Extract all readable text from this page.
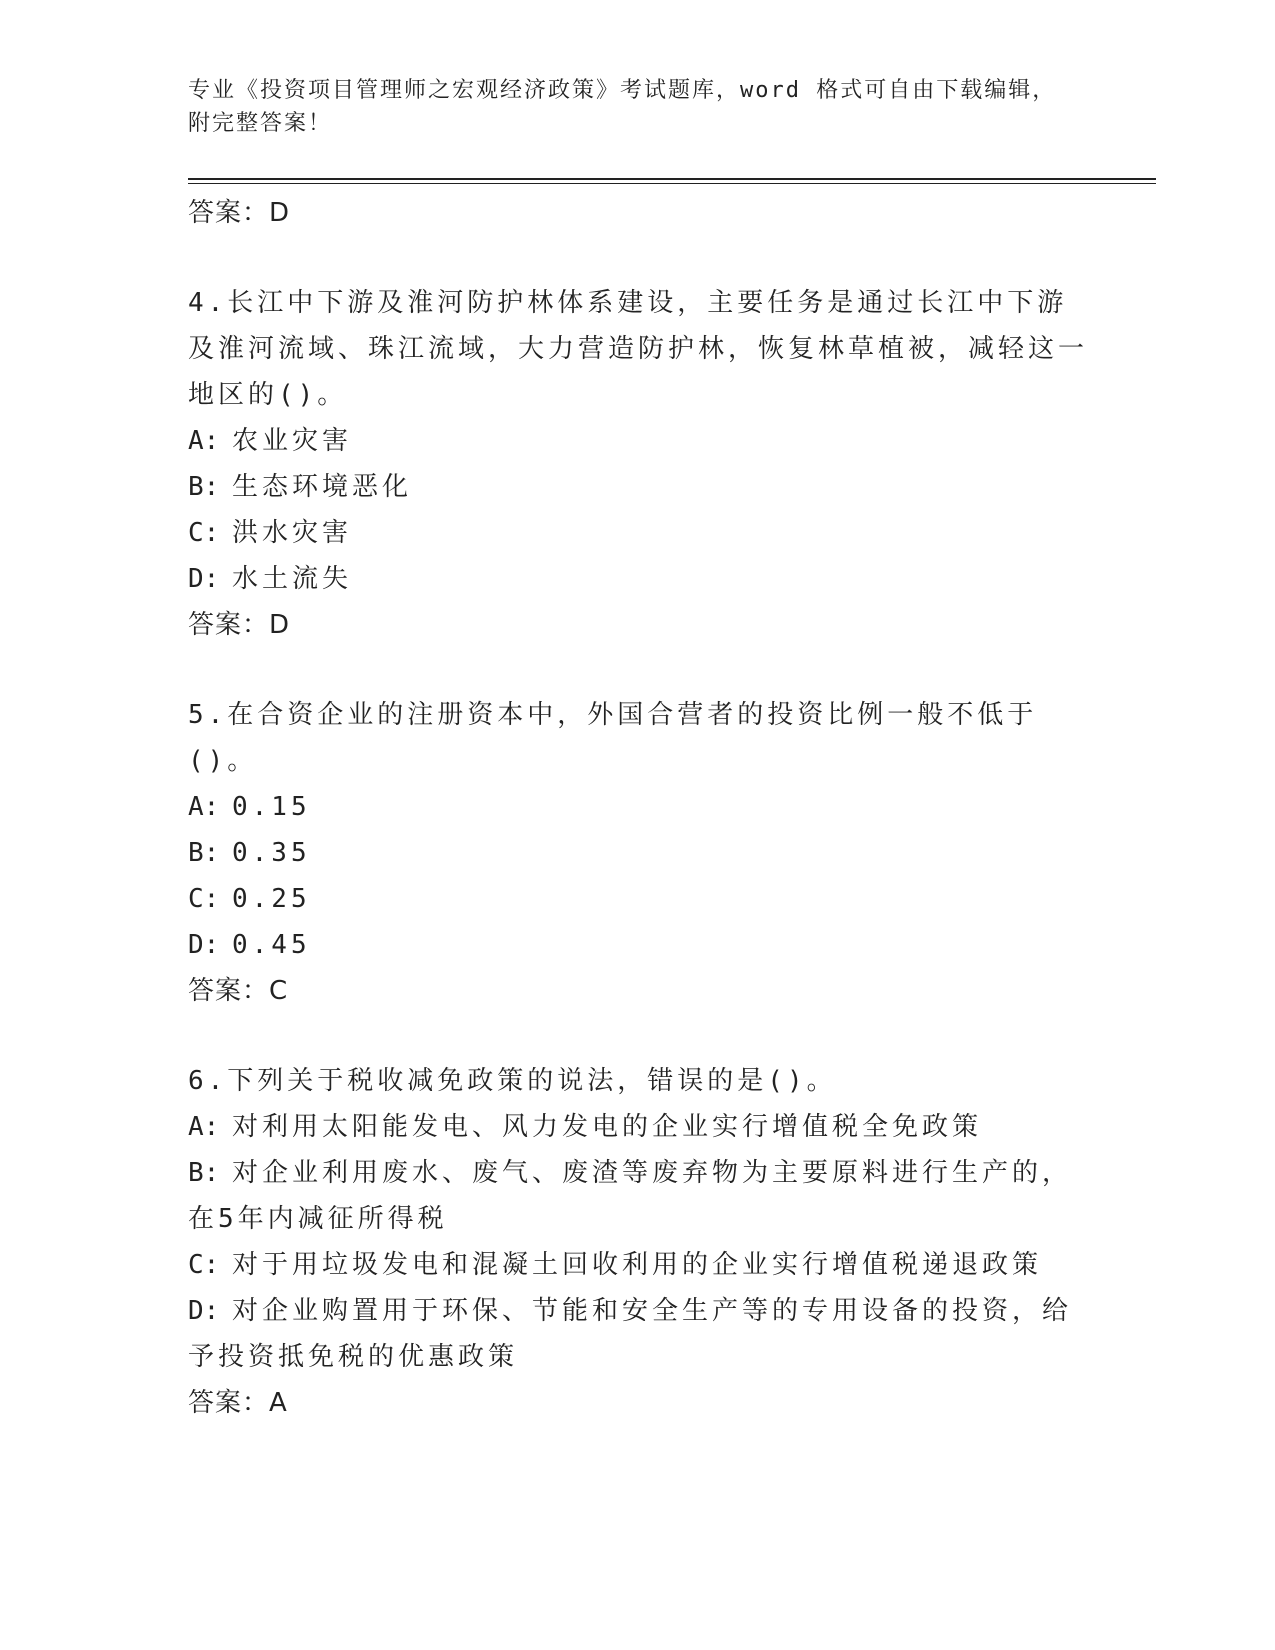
专业《投资项目管理师之宏观经济政策》考试题库，word 格式可自由下载编辑，
附完整答案！
答案：D
4.长江中下游及淮河防护林体系建设，主要任务是通过长江中下游及淮河流域、珠江流域，大力营造防护林，恢复林草植被，减轻这一地区的()。
A: 农业灾害
B: 生态环境恶化
C: 洪水灾害
D: 水土流失
答案：D
5.在合资企业的注册资本中，外国合营者的投资比例一般不低于()。
A: 0.15
B: 0.35
C: 0.25
D: 0.45
答案：C
6.下列关于税收减免政策的说法，错误的是()。
A: 对利用太阳能发电、风力发电的企业实行增值税全免政策
B: 对企业利用废水、废气、废渣等废弃物为主要原料进行生产的，在5年内减征所得税
C: 对于用垃圾发电和混凝土回收利用的企业实行增值税递退政策
D: 对企业购置用于环保、节能和安全生产等的专用设备的投资，给予投资抵免税的优惠政策
答案：A
